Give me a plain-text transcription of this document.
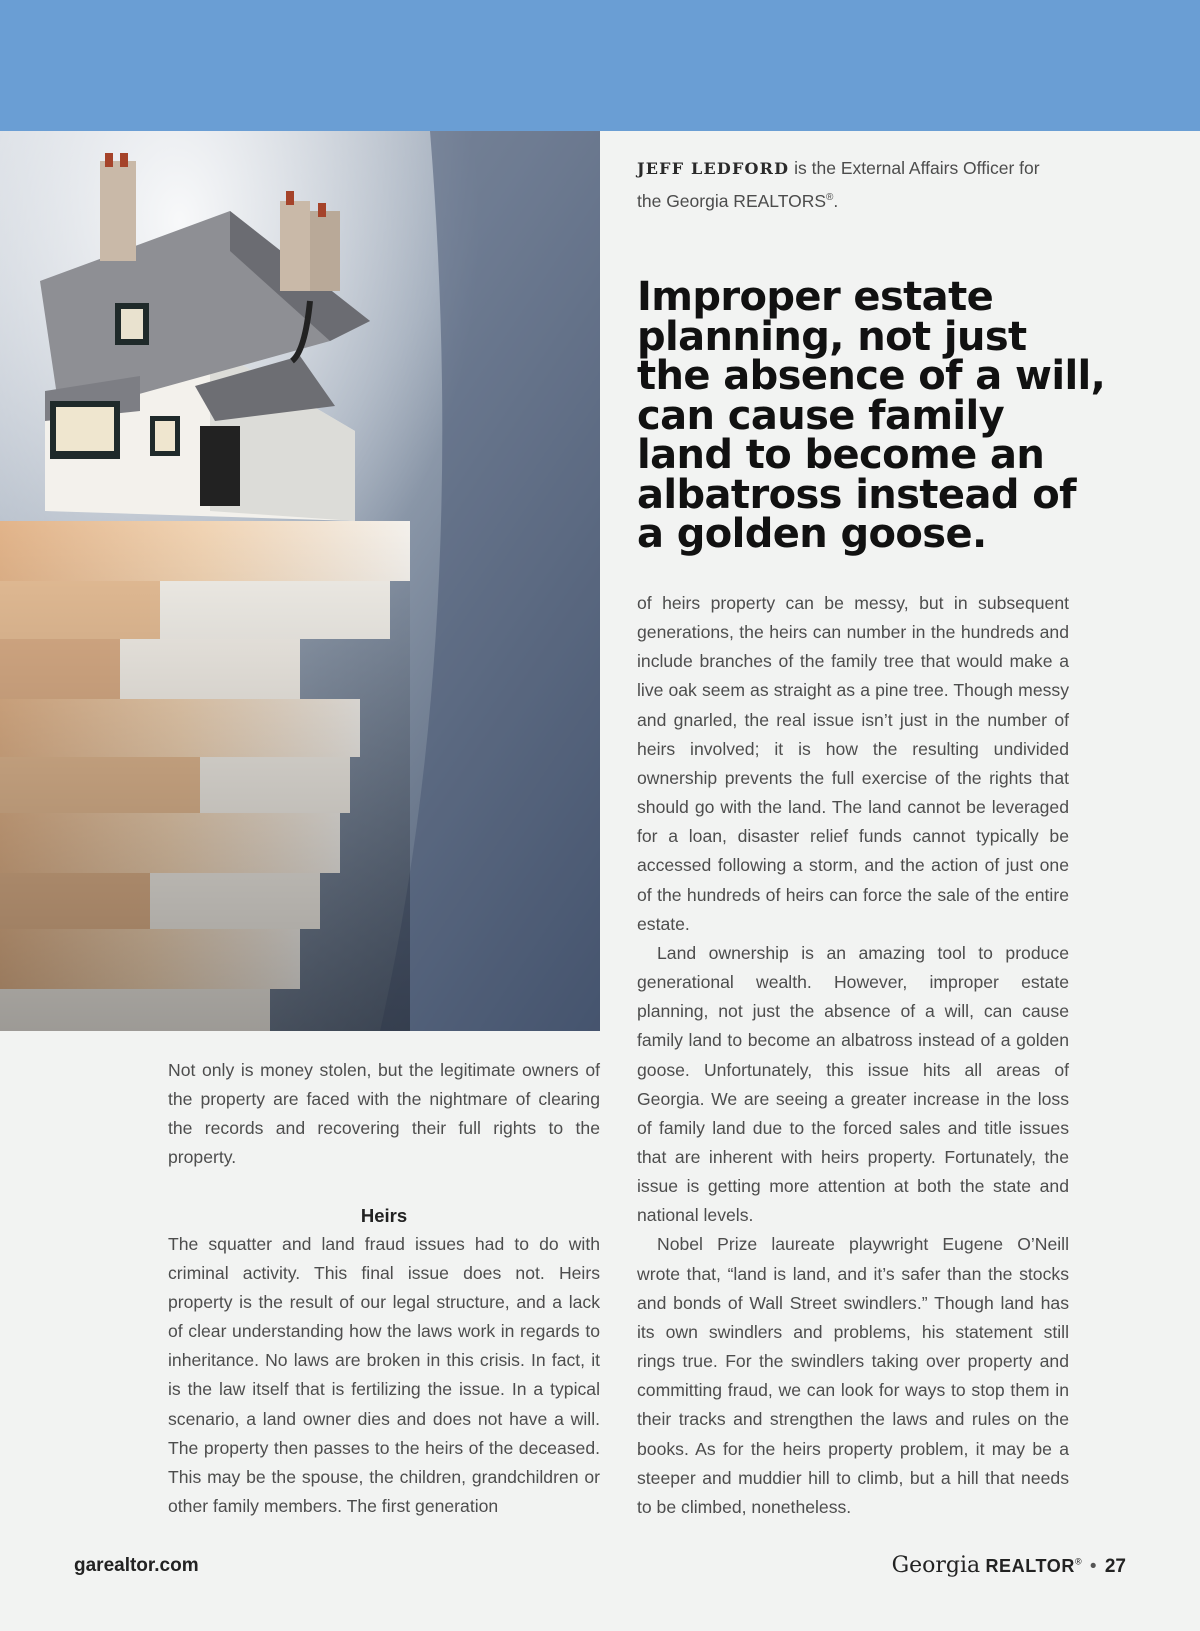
JEFF LEDFORD is the External Affairs Officer for the Georgia REALTORS®.
Improper estate planning, not just the absence of a will, can cause family land to become an albatross instead of a golden goose.

Not only is money stolen, but the legitimate owners of the property are faced with the nightmare of clearing the records and recovering their full rights to the property.

Heirs

The squatter and land fraud issues had to do with criminal activity. This final issue does not. Heirs property is the result of our legal structure, and a lack of clear understanding how the laws work in regards to inheritance. No laws are broken in this crisis. In fact, it is the law itself that is fertilizing the issue. In a typical scenario, a land owner dies and does not have a will. The property then passes to the heirs of the deceased. This may be the spouse, the children, grandchildren or other family members. The first generation

of heirs property can be messy, but in subsequent generations, the heirs can number in the hundreds and include branches of the family tree that would make a live oak seem as straight as a pine tree. Though messy and gnarled, the real issue isn’t just in the number of heirs involved; it is how the resulting undivided ownership prevents the full exercise of the rights that should go with the land. The land cannot be leveraged for a loan, disaster relief funds cannot typically be accessed following a storm, and the action of just one of the hundreds of heirs can force the sale of the entire estate.

Land ownership is an amazing tool to produce generational wealth. However, improper estate planning, not just the absence of a will, can cause family land to become an albatross instead of a golden goose. Unfortunately, this issue hits all areas of Georgia. We are seeing a greater increase in the loss of family land due to the forced sales and title issues that are inherent with heirs property. Fortunately, the issue is getting more attention at both the state and national levels.

Nobel Prize laureate playwright Eugene O’Neill wrote that, “land is land, and it’s safer than the stocks and bonds of Wall Street swindlers.” Though land has its own swindlers and problems, his statement still rings true. For the swindlers taking over property and committing fraud, we can look for ways to stop them in their tracks and strengthen the laws and rules on the books. As for the heirs property problem, it may be a steeper and muddier hill to climb, but a hill that needs to be climbed, nonetheless.

garealtor.com	Georgia REALTOR® • 27
